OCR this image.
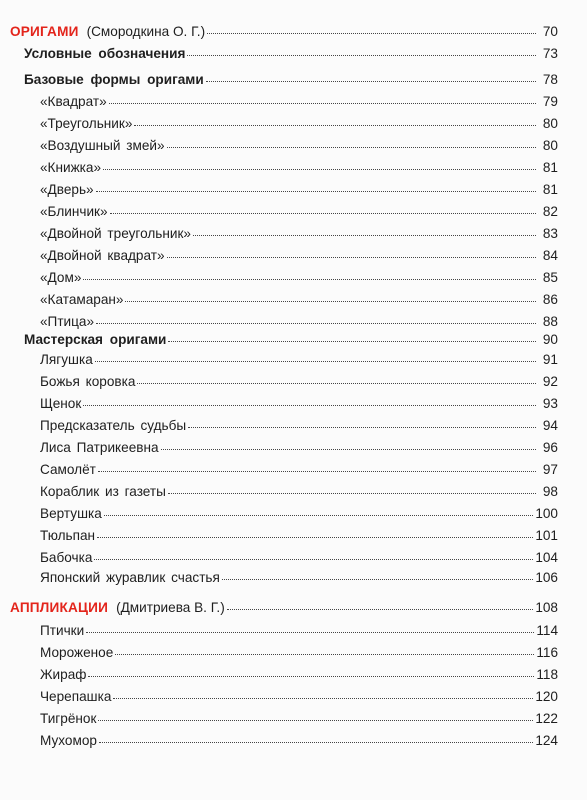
ОРИГАМИ (Смородкина О. Г.)	70
Условные обозначения	73
Базовые формы оригами	78
«Квадрат»	79
«Треугольник»	80
«Воздушный змей»	80
«Книжка»	81
«Дверь»	81
«Блинчик»	82
«Двойной треугольник»	83
«Двойной квадрат»	84
«Дом»	85
«Катамаран»	86
«Птица»	88
Мастерская оригами	90
Лягушка	91
Божья коровка	92
Щенок	93
Предсказатель судьбы	94
Лиса Патрикеевна	96
Самолёт	97
Кораблик из газеты	98
Вертушка	100
Тюльпан	101
Бабочка	104
Японский журавлик счастья	106
АППЛИКАЦИИ (Дмитриева В. Г.)	108
Птички	114
Мороженое	116
Жираф	118
Черепашка	120
Тигрёнок	122
Мухомор	124
